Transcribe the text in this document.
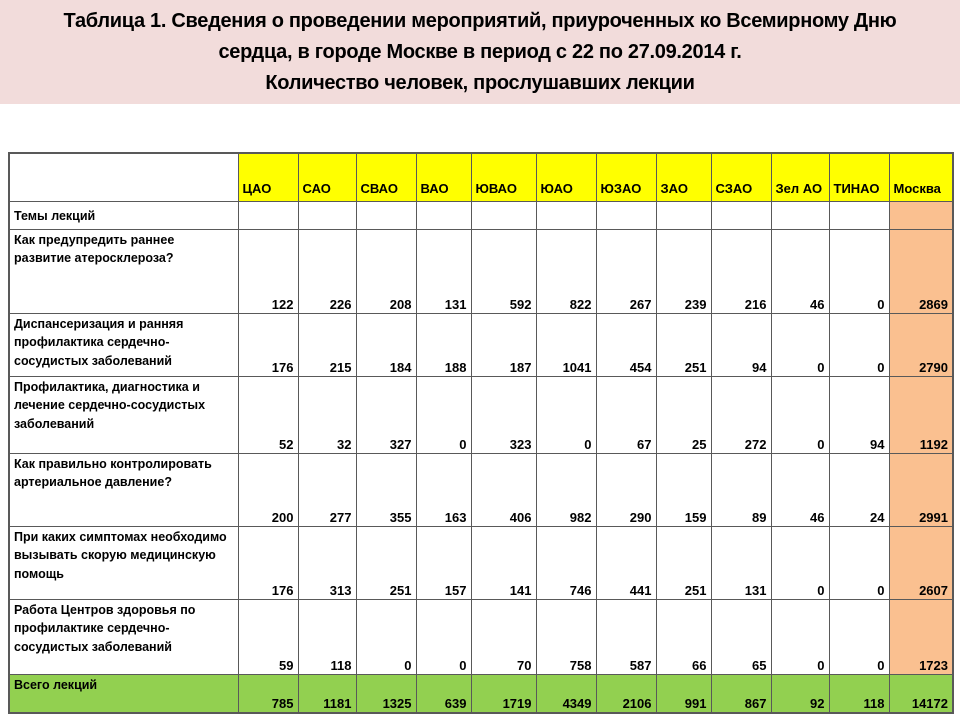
Таблица 1. Сведения о проведении мероприятий, приуроченных ко Всемирному Дню сердца, в городе Москве в период с 22 по 27.09.2014 г.
Количество человек, прослушавших лекции
	ЦАО	САО	СВАО	ВАО	ЮВАО	ЮАО	ЮЗАО	ЗАО	СЗАО	Зел АО	ТИНАО	Москва
Темы лекций												
Как предупредить раннее развитие атеросклероза?	122	226	208	131	592	822	267	239	216	46	0	2869
Диспансеризация и ранняя профилактика сердечно-сосудистых заболеваний	176	215	184	188	187	1041	454	251	94	0	0	2790
Профилактика, диагностика и лечение сердечно-сосудистых заболеваний	52	32	327	0	323	0	67	25	272	0	94	1192
Как правильно контролировать артериальное давление?	200	277	355	163	406	982	290	159	89	46	24	2991
При каких симптомах необходимо вызывать скорую медицинскую помощь	176	313	251	157	141	746	441	251	131	0	0	2607
Работа Центров здоровья по профилактике сердечно-сосудистых заболеваний	59	118	0	0	70	758	587	66	65	0	0	1723
Всего лекций	785	1181	1325	639	1719	4349	2106	991	867	92	118	14172
